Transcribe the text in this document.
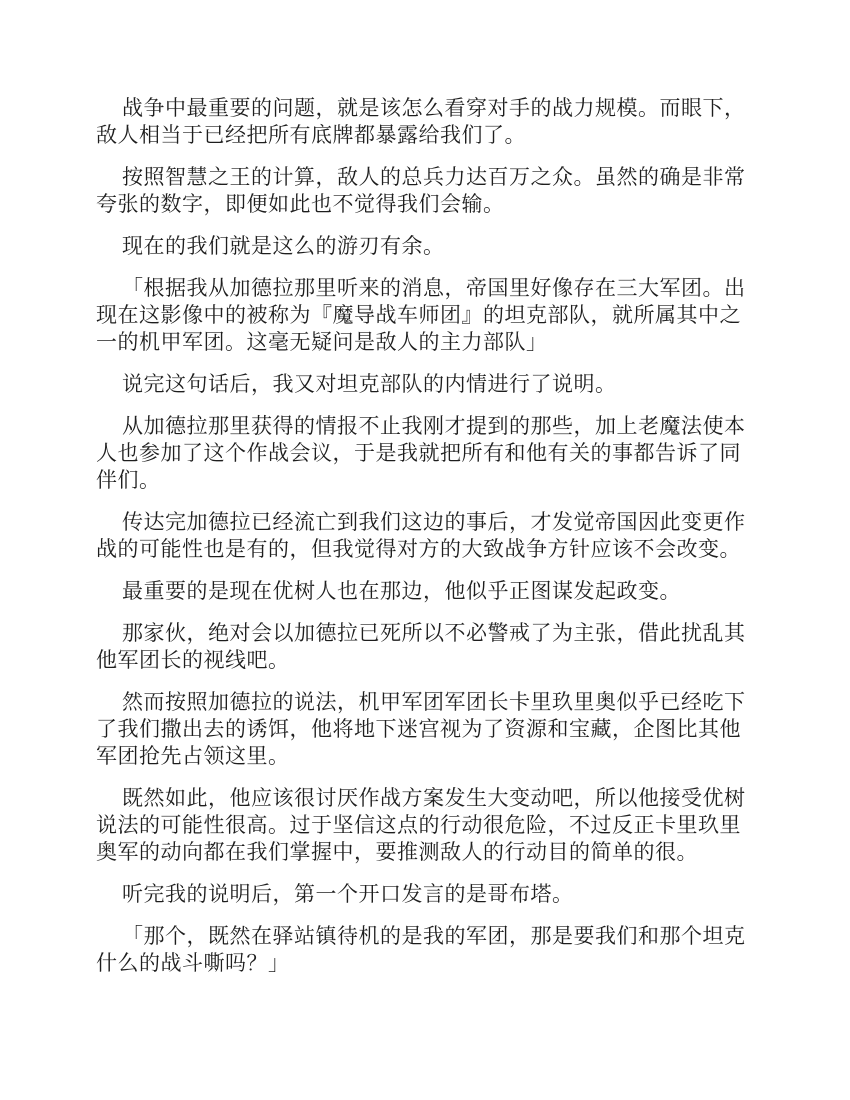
战争中最重要的问题，就是该怎么看穿对手的战力规模。而眼下，敌人相当于已经把所有底牌都暴露给我们了。

按照智慧之王的计算，敌人的总兵力达百万之众。虽然的确是非常夸张的数字，即便如此也不觉得我们会输。

现在的我们就是这么的游刃有余。

「根据我从加德拉那里听来的消息，帝国里好像存在三大军团。出现在这影像中的被称为『魔导战车师团』的坦克部队，就所属其中之一的机甲军团。这毫无疑问是敌人的主力部队」

说完这句话后，我又对坦克部队的内情进行了说明。

从加德拉那里获得的情报不止我刚才提到的那些，加上老魔法使本人也参加了这个作战会议，于是我就把所有和他有关的事都告诉了同伴们。

传达完加德拉已经流亡到我们这边的事后，才发觉帝国因此变更作战的可能性也是有的，但我觉得对方的大致战争方针应该不会改变。

最重要的是现在优树人也在那边，他似乎正图谋发起政变。

那家伙，绝对会以加德拉已死所以不必警戒了为主张，借此扰乱其他军团长的视线吧。

然而按照加德拉的说法，机甲军团军团长卡里玖里奥似乎已经吃下了我们撒出去的诱饵，他将地下迷宫视为了资源和宝藏，企图比其他军团抢先占领这里。

既然如此，他应该很讨厌作战方案发生大变动吧，所以他接受优树说法的可能性很高。过于坚信这点的行动很危险，不过反正卡里玖里奥军的动向都在我们掌握中，要推测敌人的行动目的简单的很。

听完我的说明后，第一个开口发言的是哥布塔。

「那个，既然在驿站镇待机的是我的军团，那是要我们和那个坦克什么的战斗嘶吗？」
